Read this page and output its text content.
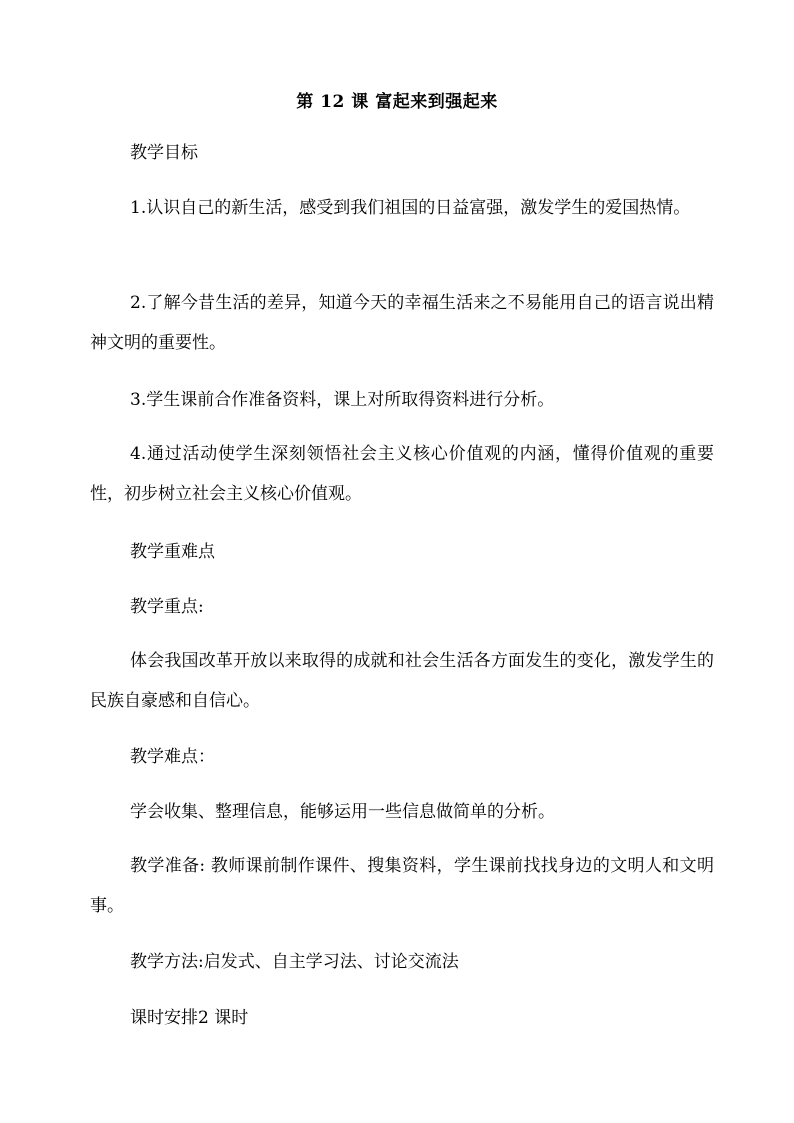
第 12 课 富起来到强起来

教学目标

1.认识自己的新生活，感受到我们祖国的日益富强，激发学生的爱国热情。

2.了解今昔生活的差异，知道今天的幸福生活来之不易能用自己的语言说出精神文明的重要性。

3.学生课前合作准备资料，课上对所取得资料进行分析。

4.通过活动使学生深刻领悟社会主义核心价值观的内涵，懂得价值观的重要性，初步树立社会主义核心价值观。

教学重难点

教学重点:

体会我国改革开放以来取得的成就和社会生活各方面发生的变化，激发学生的民族自豪感和自信心。

教学难点：

学会收集、整理信息，能够运用一些信息做简单的分析。

教学准备: 教师课前制作课件、搜集资料，学生课前找找身边的文明人和文明事。

教学方法:启发式、自主学习法、讨论交流法

课时安排2 课时
